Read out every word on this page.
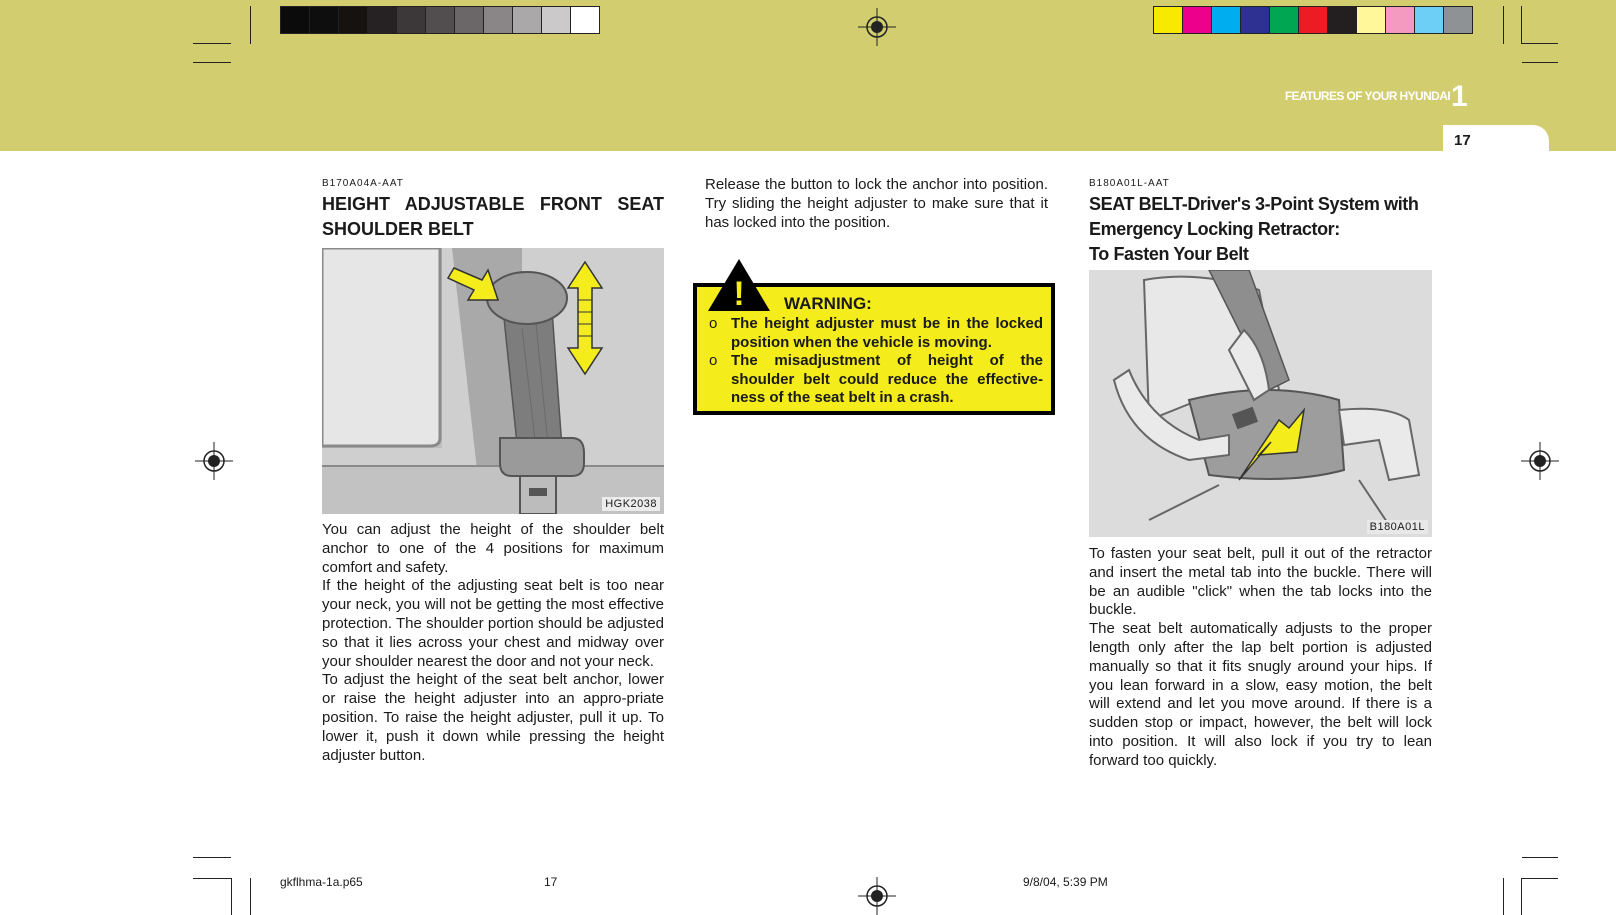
17
FEATURES OF YOUR HYUNDAI 1
B170A04A-AAT
HEIGHT ADJUSTABLE FRONT SEAT SHOULDER BELT
HGK2038

You can adjust the height of the shoulder belt anchor to one of the 4 positions for maximum comfort and safety.

If the height of the adjusting seat belt is too near your neck, you will not be getting the most effective protection. The shoulder portion should be adjusted so that it lies across your chest and midway over your shoulder nearest the door and not your neck.

To adjust the height of the seat belt anchor, lower or raise the height adjuster into an appro-priate position. To raise the height adjuster, pull it up. To lower it, push it down while pressing the height adjuster button.

Release the button to lock the anchor into position. Try sliding the height adjuster to make sure that it has locked into the position.
! WARNING:
o The height adjuster must be in the locked position when the vehicle is moving.
o The misadjustment of height of the shoulder belt could reduce the effective-ness of the seat belt in a crash.
B180A01L-AAT
SEAT BELT-Driver's 3-Point System with
Emergency Locking Retractor:
To Fasten Your Belt
B180A01L

To fasten your seat belt, pull it out of the retractor and insert the metal tab into the buckle. There will be an audible "click" when the tab locks into the buckle.

The seat belt automatically adjusts to the proper length only after the lap belt portion is adjusted manually so that it fits snugly around your hips. If you lean forward in a slow, easy motion, the belt will extend and let you move around. If there is a sudden stop or impact, however, the belt will lock into position. It will also lock if you try to lean forward too quickly.

gkflhma-1a.p65	17	9/8/04, 5:39 PM
